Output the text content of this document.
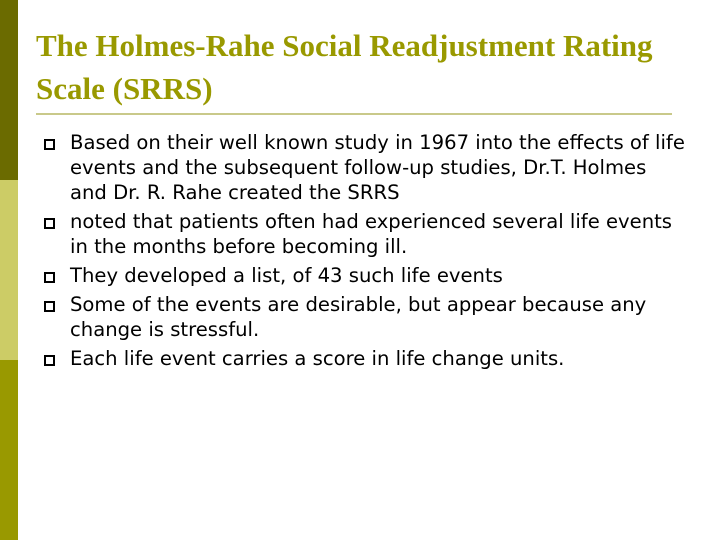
The Holmes-Rahe Social Readjustment Rating Scale (SRRS)
Based on their well known study in 1967 into the effects of life events and the subsequent follow-up studies, Dr.T. Holmes and Dr. R. Rahe created the SRRS
noted that patients often had experienced several life events in the months before becoming ill.
They developed a list, of 43 such life events
Some of the events are desirable, but appear because any change is stressful.
Each life event carries a score in life change units.
